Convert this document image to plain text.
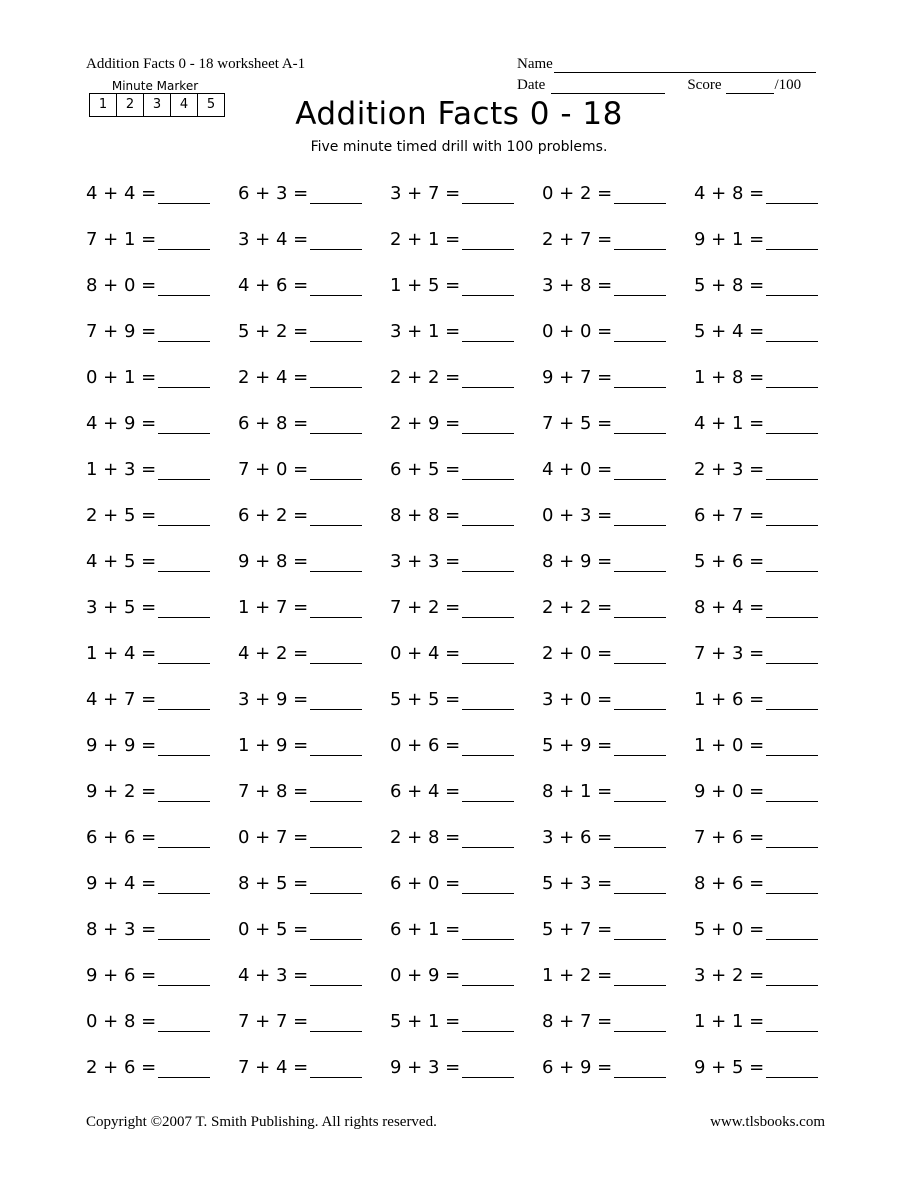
Addition Facts 0 - 18 worksheet A-1
Minute Marker
1	2	3	4	5
Name
Date	Score	/100
Addition Facts 0 - 18
Five minute timed drill with 100 problems.
4 + 4 =	6 + 3 =	3 + 7 =	0 + 2 =	4 + 8 =
7 + 1 =	3 + 4 =	2 + 1 =	2 + 7 =	9 + 1 =
8 + 0 =	4 + 6 =	1 + 5 =	3 + 8 =	5 + 8 =
7 + 9 =	5 + 2 =	3 + 1 =	0 + 0 =	5 + 4 =
0 + 1 =	2 + 4 =	2 + 2 =	9 + 7 =	1 + 8 =
4 + 9 =	6 + 8 =	2 + 9 =	7 + 5 =	4 + 1 =
1 + 3 =	7 + 0 =	6 + 5 =	4 + 0 =	2 + 3 =
2 + 5 =	6 + 2 =	8 + 8 =	0 + 3 =	6 + 7 =
4 + 5 =	9 + 8 =	3 + 3 =	8 + 9 =	5 + 6 =
3 + 5 =	1 + 7 =	7 + 2 =	2 + 2 =	8 + 4 =
1 + 4 =	4 + 2 =	0 + 4 =	2 + 0 =	7 + 3 =
4 + 7 =	3 + 9 =	5 + 5 =	3 + 0 =	1 + 6 =
9 + 9 =	1 + 9 =	0 + 6 =	5 + 9 =	1 + 0 =
9 + 2 =	7 + 8 =	6 + 4 =	8 + 1 =	9 + 0 =
6 + 6 =	0 + 7 =	2 + 8 =	3 + 6 =	7 + 6 =
9 + 4 =	8 + 5 =	6 + 0 =	5 + 3 =	8 + 6 =
8 + 3 =	0 + 5 =	6 + 1 =	5 + 7 =	5 + 0 =
9 + 6 =	4 + 3 =	0 + 9 =	1 + 2 =	3 + 2 =
0 + 8 =	7 + 7 =	5 + 1 =	8 + 7 =	1 + 1 =
2 + 6 =	7 + 4 =	9 + 3 =	6 + 9 =	9 + 5 =
Copyright ©2007 T. Smith Publishing. All rights reserved.	www.tlsbooks.com
